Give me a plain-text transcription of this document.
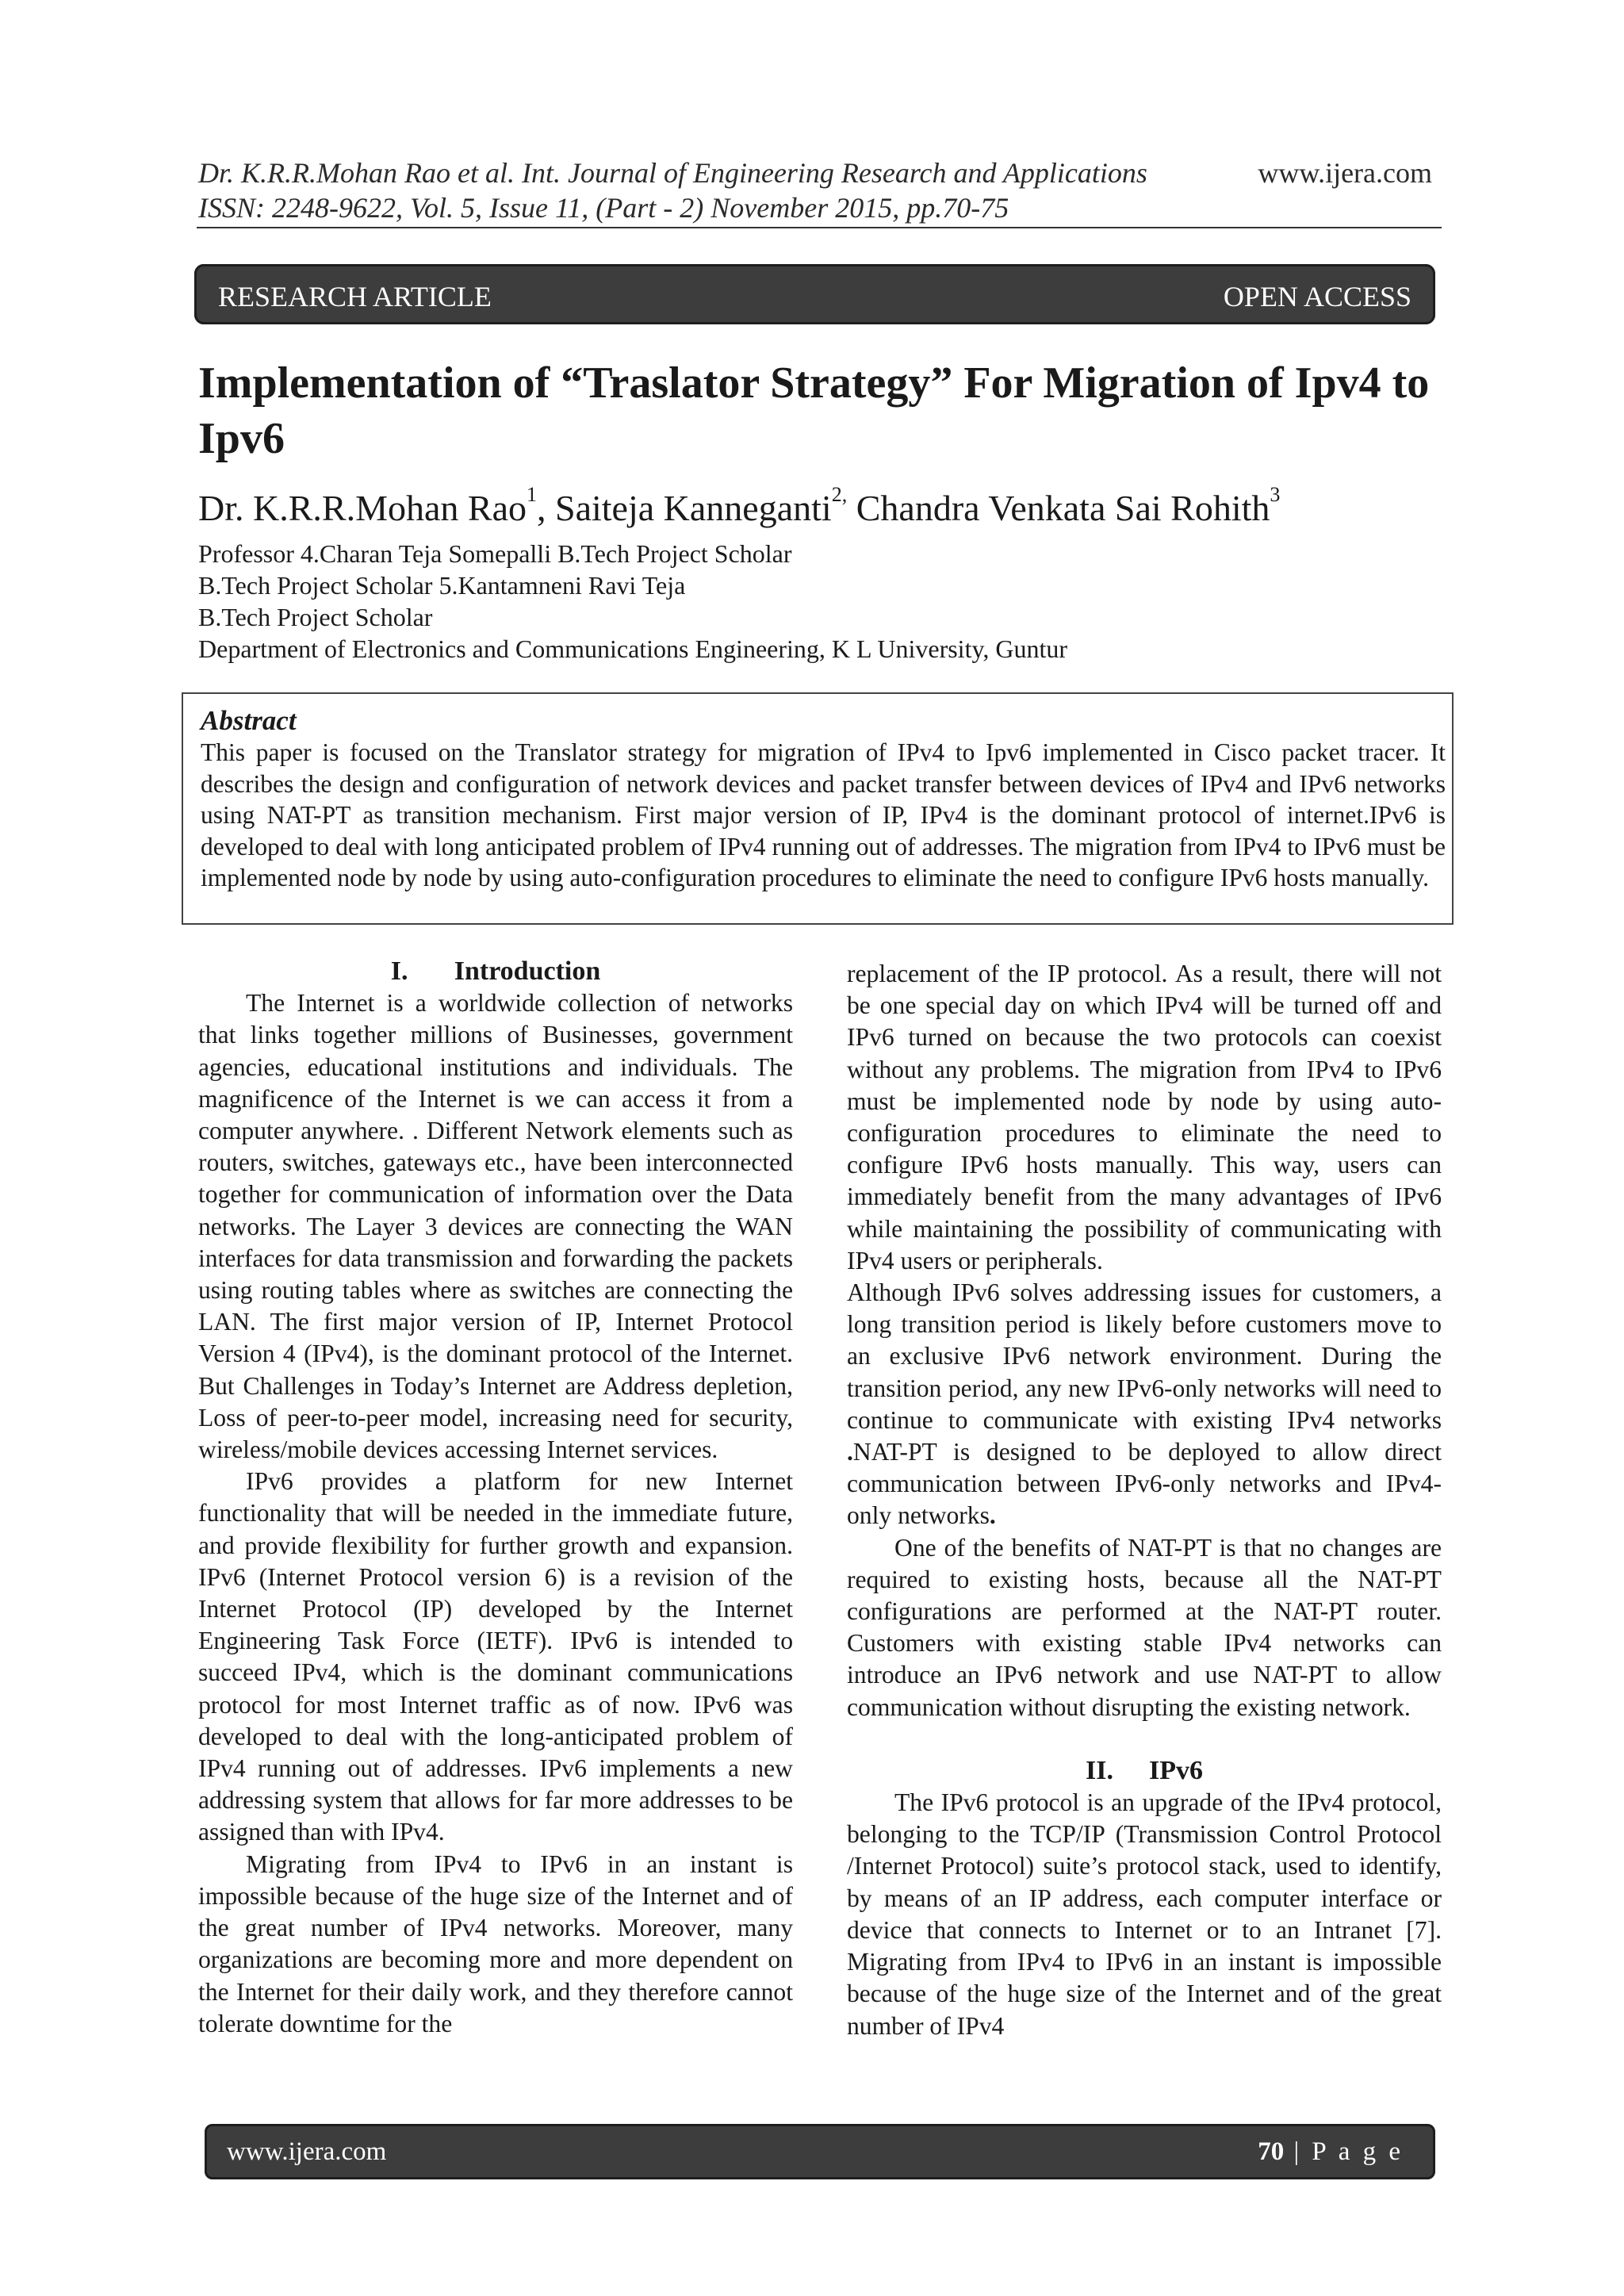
Dr. K.R.R.Mohan Rao et al. Int. Journal of Engineering Research and Applications	www.ijera.com
ISSN: 2248-9622, Vol. 5, Issue 11, (Part - 2) November 2015, pp.70-75
RESEARCH ARTICLE	OPEN ACCESS
Implementation of “Traslator Strategy” For Migration of Ipv4 to Ipv6
Dr. K.R.R.Mohan Rao$^1$, Saiteja Kanneganti$^{2,}$ Chandra Venkata Sai Rohith$^3$
Professor 4.Charan Teja Somepalli B.Tech Project Scholar
B.Tech Project Scholar 5.Kantamneni Ravi Teja
B.Tech Project Scholar
Department of Electronics and Communications Engineering, K L University, Guntur
Abstract
This paper is focused on the Translator strategy for migration of IPv4 to Ipv6 implemented in Cisco packet tracer. It describes the design and configuration of network devices and packet transfer between devices of IPv4 and IPv6 networks using NAT-PT as transition mechanism. First major version of IP, IPv4 is the dominant protocol of internet.IPv6 is developed to deal with long anticipated problem of IPv4 running out of addresses. The migration from IPv4 to IPv6 must be implemented node by node by using auto-configuration procedures to eliminate the need to configure IPv6 hosts manually.
I. Introduction

The Internet is a worldwide collection of networks that links together millions of Businesses, government agencies, educational institutions and individuals. The magnificence of the Internet is we can access it from a computer anywhere. . Different Network elements such as routers, switches, gateways etc., have been interconnected together for communication of information over the Data networks. The Layer 3 devices are connecting the WAN interfaces for data transmission and forwarding the packets using routing tables where as switches are connecting the LAN. The first major version of IP, Internet Protocol Version 4 (IPv4), is the dominant protocol of the Internet. But Challenges in Today’s Internet are Address depletion, Loss of peer-to-peer model, increasing need for security, wireless/mobile devices accessing Internet services.

IPv6 provides a platform for new Internet functionality that will be needed in the immediate future, and provide flexibility for further growth and expansion. IPv6 (Internet Protocol version 6) is a revision of the Internet Protocol (IP) developed by the Internet Engineering Task Force (IETF). IPv6 is intended to succeed IPv4, which is the dominant communications protocol for most Internet traffic as of now. IPv6 was developed to deal with the long-anticipated problem of IPv4 running out of addresses. IPv6 implements a new addressing system that allows for far more addresses to be assigned than with IPv4.

Migrating from IPv4 to IPv6 in an instant is impossible because of the huge size of the Internet and of the great number of IPv4 networks. Moreover, many organizations are becoming more and more dependent on the Internet for their daily work, and they therefore cannot tolerate downtime for the

replacement of the IP protocol. As a result, there will not be one special day on which IPv4 will be turned off and IPv6 turned on because the two protocols can coexist without any problems. The migration from IPv4 to IPv6 must be implemented node by node by using auto-configuration procedures to eliminate the need to configure IPv6 hosts manually. This way, users can immediately benefit from the many advantages of IPv6 while maintaining the possibility of communicating with IPv4 users or peripherals.

Although IPv6 solves addressing issues for customers, a long transition period is likely before customers move to an exclusive IPv6 network environment. During the transition period, any new IPv6-only networks will need to continue to communicate with existing IPv4 networks .NAT-PT is designed to be deployed to allow direct communication between IPv6-only networks and IPv4-only networks.

One of the benefits of NAT-PT is that no changes are required to existing hosts, because all the NAT-PT configurations are performed at the NAT-PT router. Customers with existing stable IPv4 networks can introduce an IPv6 network and use NAT-PT to allow communication without disrupting the existing network.

II. IPv6

The IPv6 protocol is an upgrade of the IPv4 protocol, belonging to the TCP/IP (Transmission Control Protocol /Internet Protocol) suite’s protocol stack, used to identify, by means of an IP address, each computer interface or device that connects to Internet or to an Intranet [7]. Migrating from IPv4 to IPv6 in an instant is impossible because of the huge size of the Internet and of the great number of IPv4

www.ijera.com	70 | P a g e
